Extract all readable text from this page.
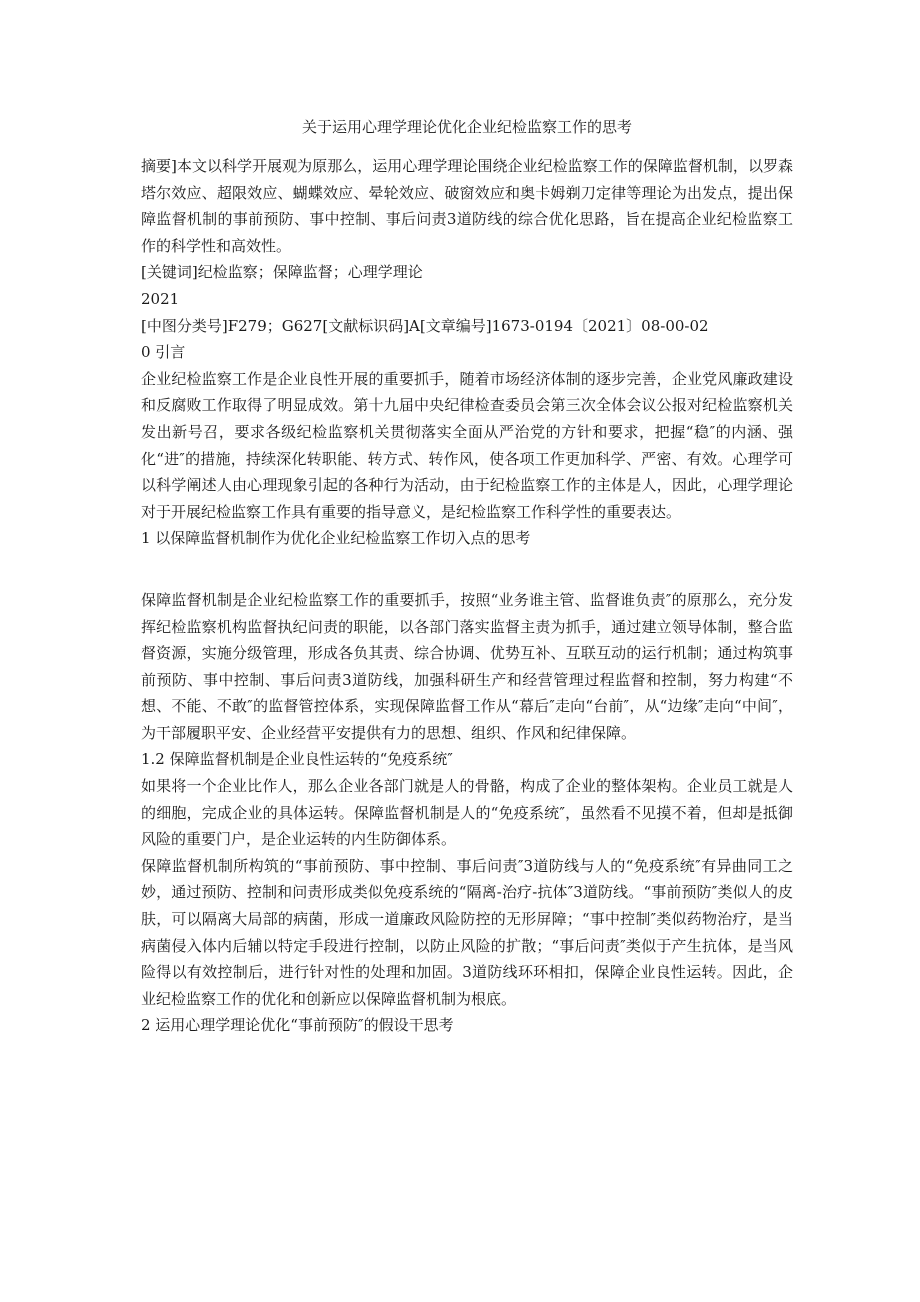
关于运用心理学理论优化企业纪检监察工作的思考

摘要]本文以科学开展观为原那么，运用心理学理论围绕企业纪检监察工作的保障监督机制，以罗森塔尔效应、超限效应、蝴蝶效应、晕轮效应、破窗效应和奥卡姆剃刀定律等理论为出发点，提出保障监督机制的事前预防、事中控制、事后问责3道防线的综合优化思路，旨在提高企业纪检监察工作的科学性和高效性。

[关键词]纪检监察；保障监督；心理学理论

2021

[中图分类号]F279；G627[文献标识码]A[文章编号]1673-0194〔2021〕08-00-02

0 引言

企业纪检监察工作是企业良性开展的重要抓手，随着市场经济体制的逐步完善，企业党风廉政建设和反腐败工作取得了明显成效。第十九届中央纪律检查委员会第三次全体会议公报对纪检监察机关发出新号召，要求各级纪检监察机关贯彻落实全面从严治党的方针和要求，把握“稳″的内涵、强化“进″的措施，持续深化转职能、转方式、转作风，使各项工作更加科学、严密、有效。心理学可以科学阐述人由心理现象引起的各种行为活动，由于纪检监察工作的主体是人，因此，心理学理论对于开展纪检监察工作具有重要的指导意义，是纪检监察工作科学性的重要表达。

1 以保障监督机制作为优化企业纪检监察工作切入点的思考

保障监督机制是企业纪检监察工作的重要抓手，按照“业务谁主管、监督谁负责″的原那么，充分发挥纪检监察机构监督执纪问责的职能，以各部门落实监督主责为抓手，通过建立领导体制，整合监督资源，实施分级管理，形成各负其责、综合协调、优势互补、互联互动的运行机制；通过构筑事前预防、事中控制、事后问责3道防线，加强科研生产和经营管理过程监督和控制，努力构建“不想、不能、不敢″的监督管控体系，实现保障监督工作从“幕后″走向“台前″，从“边缘″走向“中间″，为干部履职平安、企业经营平安提供有力的思想、组织、作风和纪律保障。

1.2 保障监督机制是企业良性运转的“免疫系统″

如果将一个企业比作人，那么企业各部门就是人的骨骼，构成了企业的整体架构。企业员工就是人的细胞，完成企业的具体运转。保障监督机制是人的“免疫系统″，虽然看不见摸不着，但却是抵御风险的重要门户，是企业运转的内生防御体系。

保障监督机制所构筑的“事前预防、事中控制、事后问责″3道防线与人的“免疫系统″有异曲同工之妙，通过预防、控制和问责形成类似免疫系统的“隔离-治疗-抗体″3道防线。“事前预防″类似人的皮肤，可以隔离大局部的病菌，形成一道廉政风险防控的无形屏障；“事中控制″类似药物治疗，是当病菌侵入体内后辅以特定手段进行控制，以防止风险的扩散；“事后问责″类似于产生抗体，是当风险得以有效控制后，进行针对性的处理和加固。3道防线环环相扣，保障企业良性运转。因此，企业纪检监察工作的优化和创新应以保障监督机制为根底。

2 运用心理学理论优化“事前预防″的假设干思考
